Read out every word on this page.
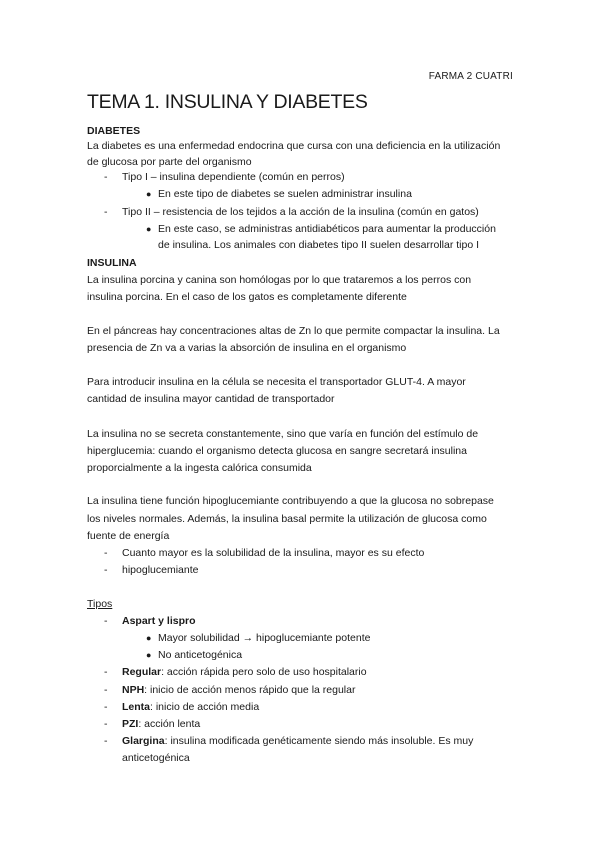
FARMA 2 CUATRI
TEMA 1. INSULINA Y DIABETES
DIABETES
La diabetes es una enfermedad endocrina que cursa con una deficiencia en la utilización
de glucosa por parte del organismo
- Tipo I – insulina dependiente (común en perros)
● En este tipo de diabetes se suelen administrar insulina
- Tipo II – resistencia de los tejidos a la acción de la insulina (común en gatos)
● En este caso, se administras antidiabéticos para aumentar la producción
de insulina. Los animales con diabetes tipo II suelen desarrollar tipo I
INSULINA
La insulina porcina y canina son homólogas por lo que trataremos a los perros con
insulina porcina. En el caso de los gatos es completamente diferente
En el páncreas hay concentraciones altas de Zn lo que permite compactar la insulina. La
presencia de Zn va a varias la absorción de insulina en el organismo
Para introducir insulina en la célula se necesita el transportador GLUT-4. A mayor
cantidad de insulina mayor cantidad de transportador
La insulina no se secreta constantemente, sino que varía en función del estímulo de
hiperglucemia: cuando el organismo detecta glucosa en sangre secretará insulina
proporcialmente a la ingesta calórica consumida
La insulina tiene función hipoglucemiante contribuyendo a que la glucosa no sobrepase
los niveles normales. Además, la insulina basal permite la utilización de glucosa como
fuente de energía
- Cuanto mayor es la solubilidad de la insulina, mayor es su efecto
- hipoglucemiante
Tipos
- Aspart y lispro
● Mayor solubilidad → hipoglucemiante potente
● No anticetogénica
- Regular: acción rápida pero solo de uso hospitalario
- NPH: inicio de acción menos rápido que la regular
- Lenta: inicio de acción media
- PZI: acción lenta
- Glargina: insulina modificada genéticamente siendo más insoluble. Es muy
anticetogénica
